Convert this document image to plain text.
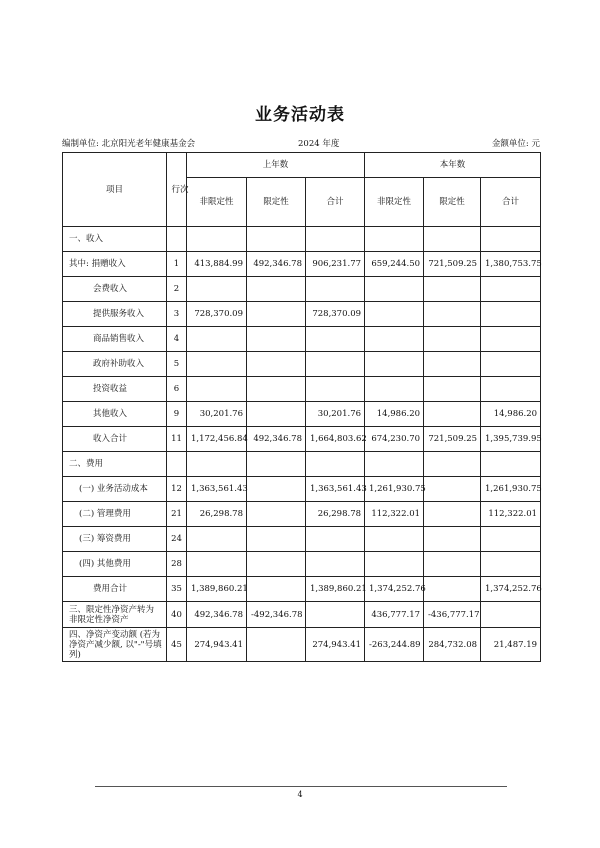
业务活动表
编制单位: 北京阳光老年健康基金会	2024 年度	金额单位: 元
项目	行次	上年数			本年数		
		非限定性	限定性	合计	非限定性	限定性	合计
一、收入							
其中: 捐赠收入	1	413,884.99	492,346.78	906,231.77	659,244.50	721,509.25	1,380,753.75
会费收入	2						
提供服务收入	3	728,370.09		728,370.09			
商品销售收入	4						
政府补助收入	5						
投资收益	6						
其他收入	9	30,201.76		30,201.76	14,986.20		14,986.20
收入合计	11	1,172,456.84	492,346.78	1,664,803.62	674,230.70	721,509.25	1,395,739.95
二、费用							
(一) 业务活动成本	12	1,363,561.43		1,363,561.43	1,261,930.75		1,261,930.75
(二) 管理费用	21	26,298.78		26,298.78	112,322.01		112,322.01
(三) 筹资费用	24						
(四) 其他费用	28						
费用合计	35	1,389,860.21		1,389,860.21	1,374,252.76		1,374,252.76
三、限定性净资产转为非限定性净资产	40	492,346.78	-492,346.78		436,777.17	-436,777.17	
四、净资产变动额 (若为净资产减少额, 以"-"号填列)	45	274,943.41		274,943.41	-263,244.89	284,732.08	21,487.19
4
